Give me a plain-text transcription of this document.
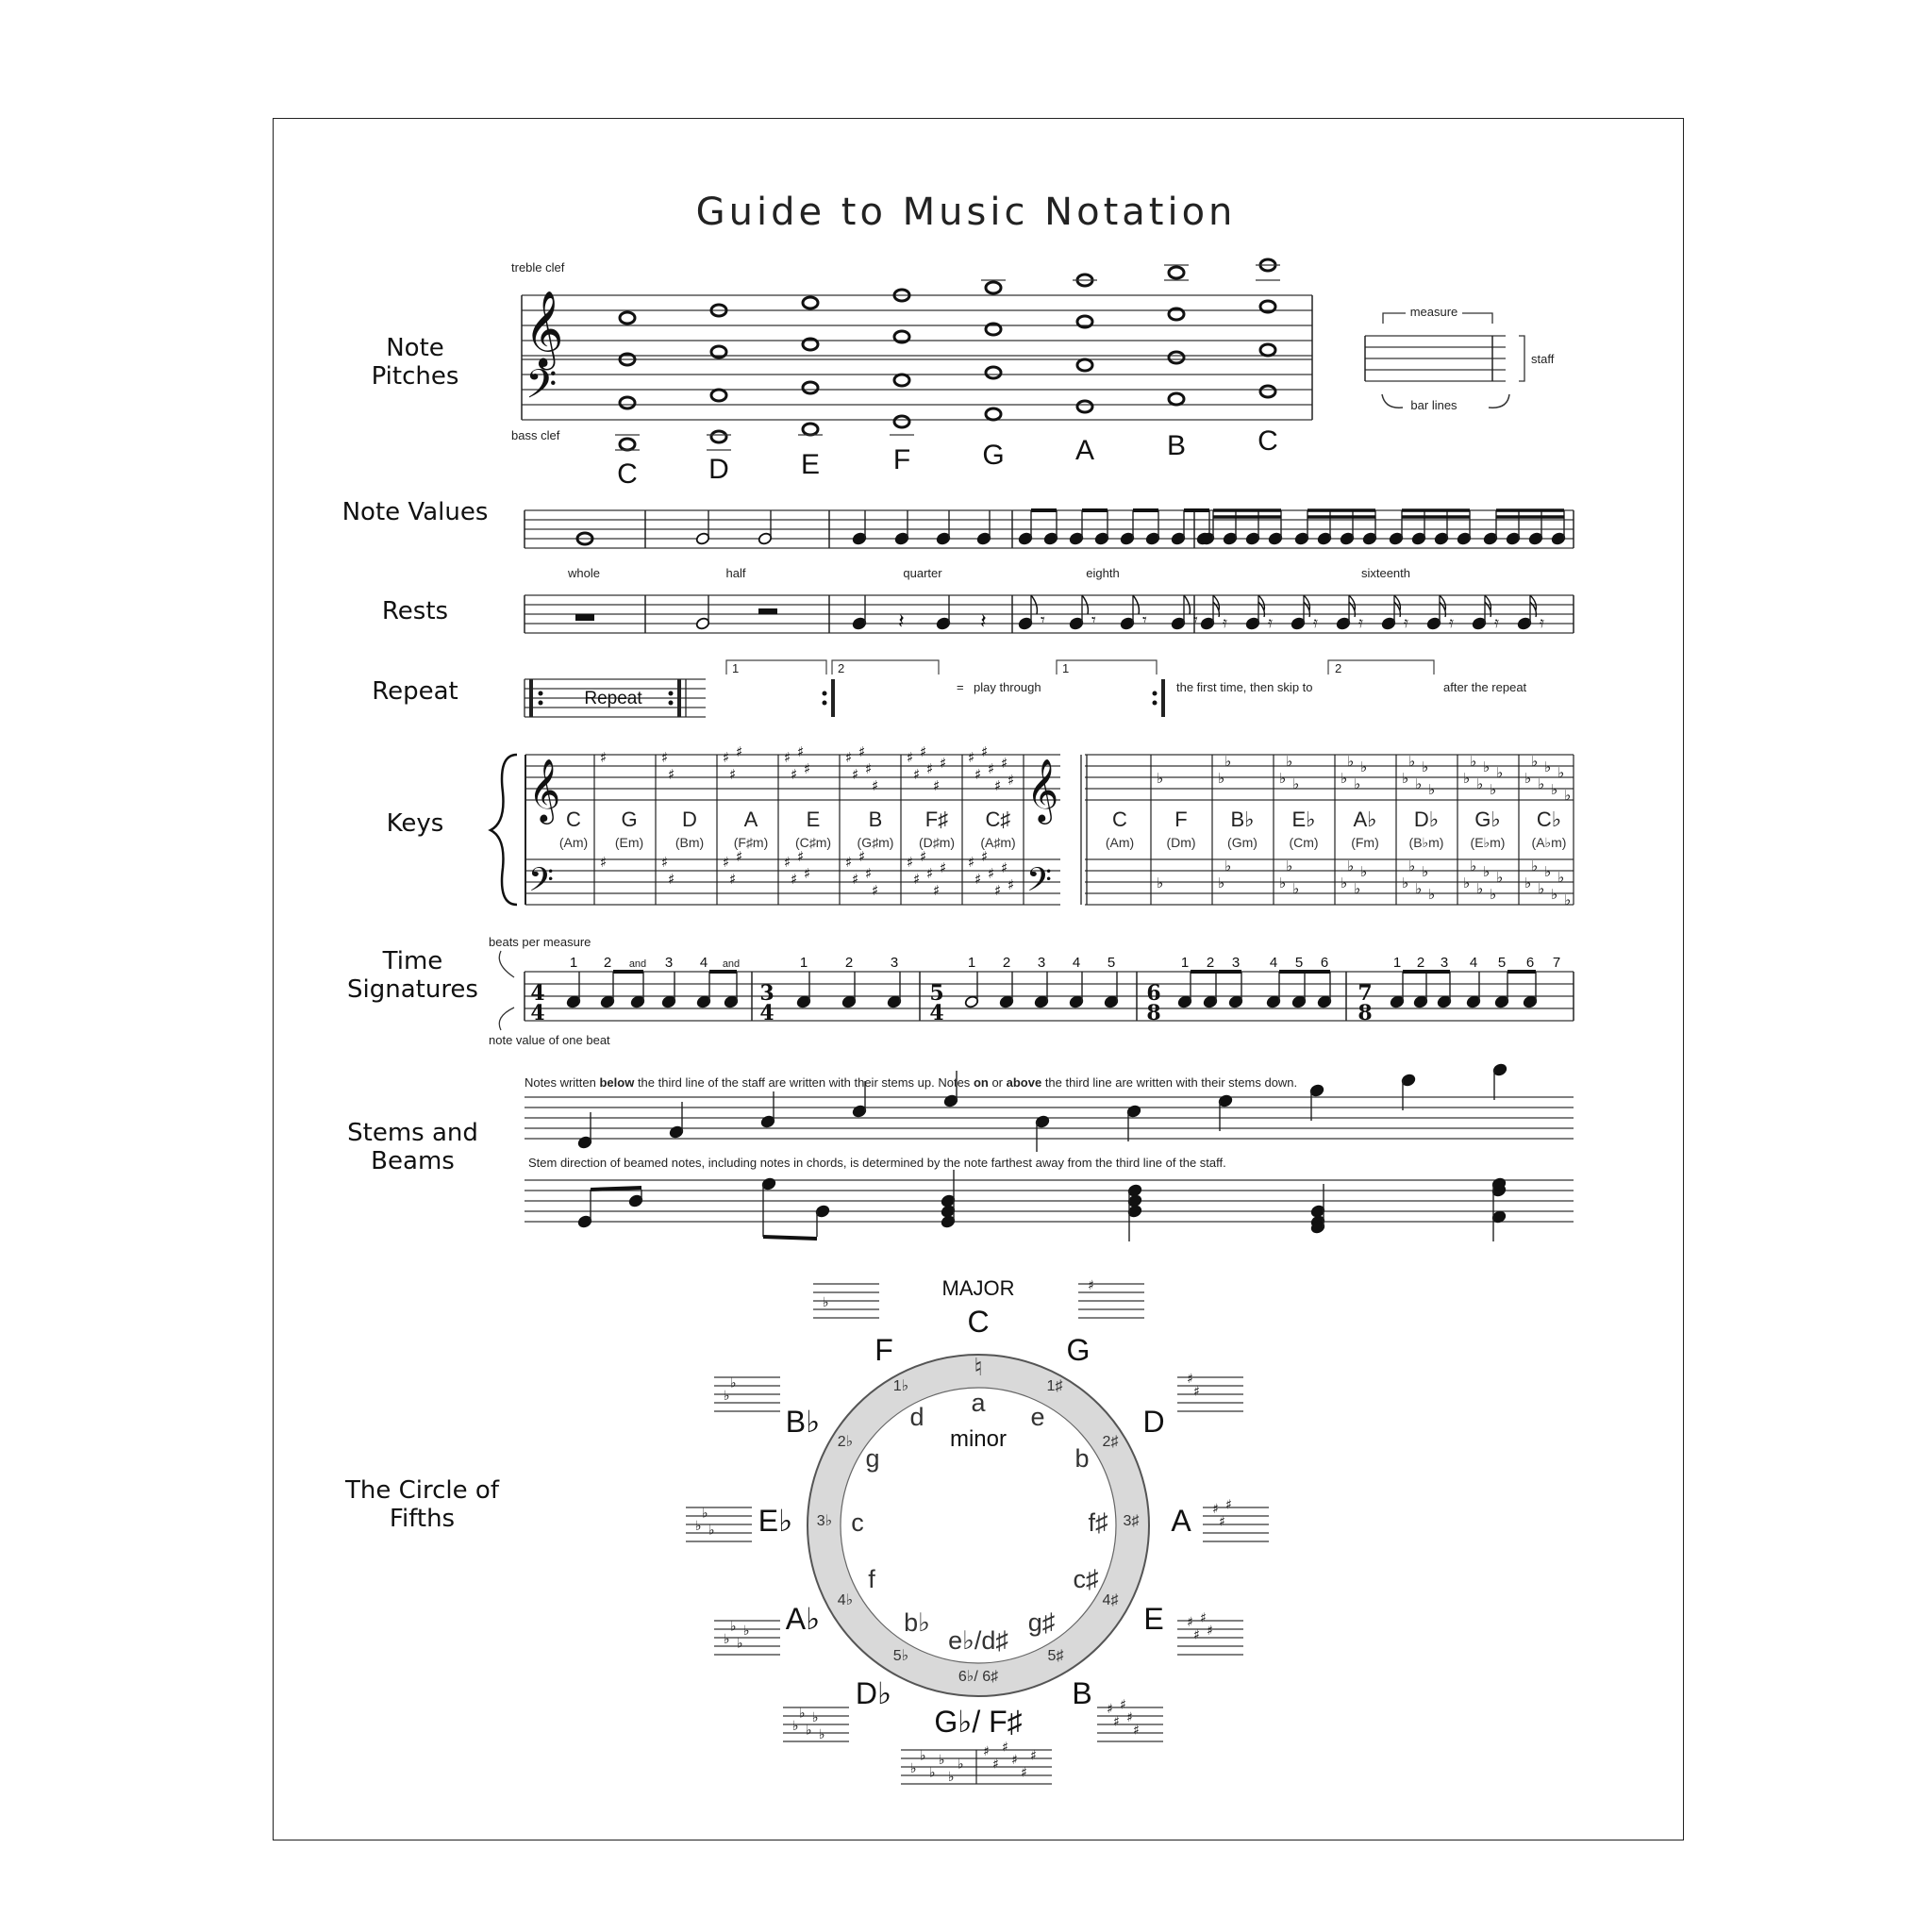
Guide to Music Notation
Note Pitches
Note Values
Rests
Repeat
Keys
Time Signatures
Stems and Beams
The Circle of Fifths
treble clef
bass clef
𝄞
𝄢
C	D	E	F	G	A	B	C
measure
staff
bar lines
whole	half	quarter	eighth	sixteenth
𝄽	𝄽	𝄾	𝄾	𝄾	𝄾 𝄿	𝄿	𝄿	𝄿	𝄿	𝄿	𝄿	𝄿
Repeat
1	2
= play through
1
the first time, then skip to
2
after the repeat
𝄞
𝄢
𝄞
𝄢
♯
♯
♭
♭
♯
♯
♯
♯
♭
♭
♭
♭
♯
♯
♯
♯
♯
♯
♭
♭
♭
♭
♭
♭
♯
♯
♯
♯
♯
♯
♯
♯
♭
♭
♭
♭
♭
♭
♭
♭
♯
♯
♯
♯
♯
♯
♯
♯
♯
♯
♭
♭
♭
♭
♭
♭
♭
♭
♭
♭
♯
♯
♯
♯
♯
♯
♯
♯
♯
♯
♯
♯
♭
♭
♭
♭
♭
♭
♭
♭
♭
♭
♭
♭
♯
♯
♯
♯
♯
♯
♯
♯
♯
♯
♯
♯
♯
♯
♭
♭
♭
♭
♭
♭
♭
♭
♭
♭
♭
♭
♭
♭
C
(Am)
G
(Em)
D
(Bm)
A
(F♯m)
E
(C♯m)
B
(G♯m)
F♯
(D♯m)
C♯
(A♯m)
C
(Am)
F
(Dm)
B♭
(Gm)
E♭
(Cm)
A♭
(Fm)
D♭
(B♭m)
G♭
(E♭m)
C♭
(A♭m)
beats per measure
note value of one beat
4
4
3
4
5
4
6
8
7
8
1 2 and 3 4 and	1	2	3	1 2 3 4 5	1 2 3 4 5 6	1 2 3 4 5 6 7
Notes written below the third line of the staff are written with their stems up. Notes on or above the third line are written with their stems down.
Stem direction of beamed notes, including notes in chords, is determined by the note farthest away from the third line of the staff.
MAJOR
♮
a
minor
C
G
D
A
E
B
G♭/ F♯
D♭
A♭
E♭
B♭
F
e
b
f♯
c♯
g♯
e♭/d♯
b♭
f
c
g
d
1♯
2♯
3♯
4♯
5♯
6♭/ 6♯
5♭
4♭
3♭
2♭
1♭
♯
♯
♯
♯
♯
♯
♯
♯
♯
♯
♯
♯
♯
♯
♯
♭
♭
♭
♭
♭
♭
♭
♭
♭
♭
♭
♭
♭
♭
♭
♭
♯
♭
♯
♭
♯
♭	♯
♭	♯
♭
♯
